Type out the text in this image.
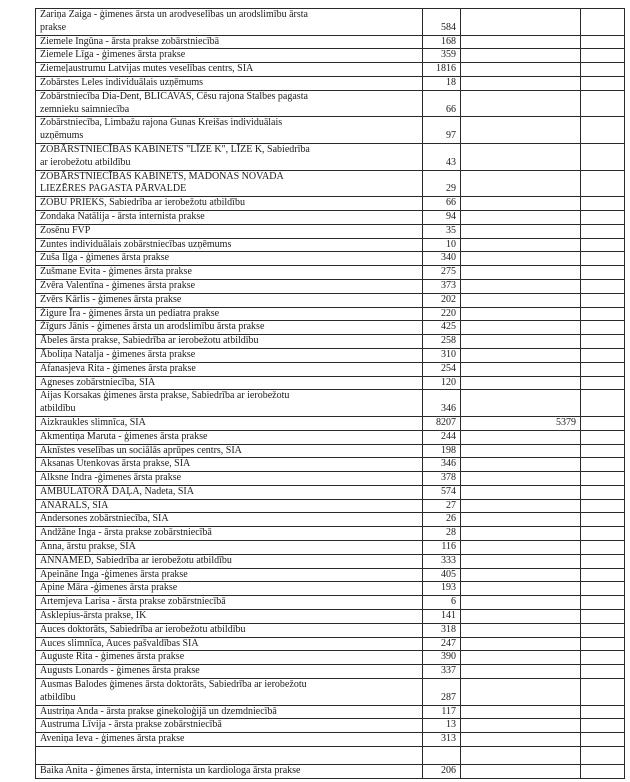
Zariņa Zaiga - ģimenes ārsta un arodveselības un arodslimību ārsta
prakse	584
Ziemele Ingūna - ārsta prakse zobārstniecībā	168
Ziemele Līga - ģimenes ārsta prakse	359
Ziemeļaustrumu Latvijas mutes veselības centrs, SIA	1816
Zobārstes Leles individuālais uzņēmums	18
Zobārstniecība Dia-Dent, BLICAVAS, Cēsu rajona Stalbes pagasta
zemnieku saimniecība	66
Zobārstniecība, Limbažu rajona Gunas Kreišas individuālais
uzņēmums	97
ZOBĀRSTNIECĪBAS KABINETS "LĪZE K", LĪZE K, Sabiedrība
ar ierobežotu atbildību	43
ZOBĀRSTNIECĪBAS KABINETS, MADONAS NOVADA
LIEZĒRES PAGASTA PĀRVALDE	29
ZOBU PRIEKS, Sabiedrība ar ierobežotu atbildību	66
Zondaka Natālija - ārsta internista prakse	94
Zosēnu FVP	35
Zuntes individuālais zobārstniecības uzņēmums	10
Zuša Ilga - ģimenes ārsta prakse	340
Zušmane Evita - ģimenes ārsta prakse	275
Zvēra Valentīna - ģimenes ārsta prakse	373
Zvērs Kārlis - ģimenes ārsta prakse	202
Žigure Īra - ģimenes ārsta un pediatra prakse	220
Žīgurs Jānis - ģimenes ārsta un arodslimību ārsta prakse	425
Ābeles ārsta prakse, Sabiedrība ar ierobežotu atbildību	258
Āboliņa Natalja - ģimenes ārsta prakse	310
Afanasjeva Rita - ģimenes ārsta prakse	254
Agneses zobārstniecība, SIA	120
Aijas Korsakas ģimenes ārsta prakse, Sabiedrība ar ierobežotu
atbildību	346
Aizkraukles slimnīca, SIA	8207	5379
Akmentiņa Maruta - ģimenes ārsta prakse	244
Aknīstes veselības un sociālās aprūpes centrs, SIA	198
Aksanas Utenkovas ārsta prakse, SIA	346
Alksne Indra -ģimenes ārsta prakse	378
AMBULATORĀ DAĻA, Nadeta, SIA	574
ANARALS, SIA	27
Andersones zobārstniecība, SIA	26
Andžāne Inga - ārsta prakse zobārstniecībā	28
Anna, ārstu prakse, SIA	116
ANNAMED, Sabiedrība ar ierobežotu atbildību	333
Apeināne Inga -ģimenes ārsta prakse	405
Apine Māra -ģimenes ārsta prakse	193
Artemjeva Larisa - ārsta prakse zobārstniecībā	6
Asklepius-ārsta prakse, IK	141
Auces doktorāts, Sabiedrība ar ierobežotu atbildību	318
Auces slimnīca, Auces pašvaldības SIA	247
Auguste Rita - ģimenes ārsta prakse	390
Augusts Lonards - ģimenes ārsta prakse	337
Ausmas Balodes ģimenes ārsta doktorāts, Sabiedrība ar ierobežotu
atbildību	287
Austriņa Anda - ārsta prakse ginekoloģijā un dzemdniecībā	117
Austruma Līvija - ārsta prakse zobārstniecībā	13
Aveniņa Ieva - ģimenes ārsta prakse	313
Baika Anita - ģimenes ārsta, internista un kardiologa ārsta prakse	206
